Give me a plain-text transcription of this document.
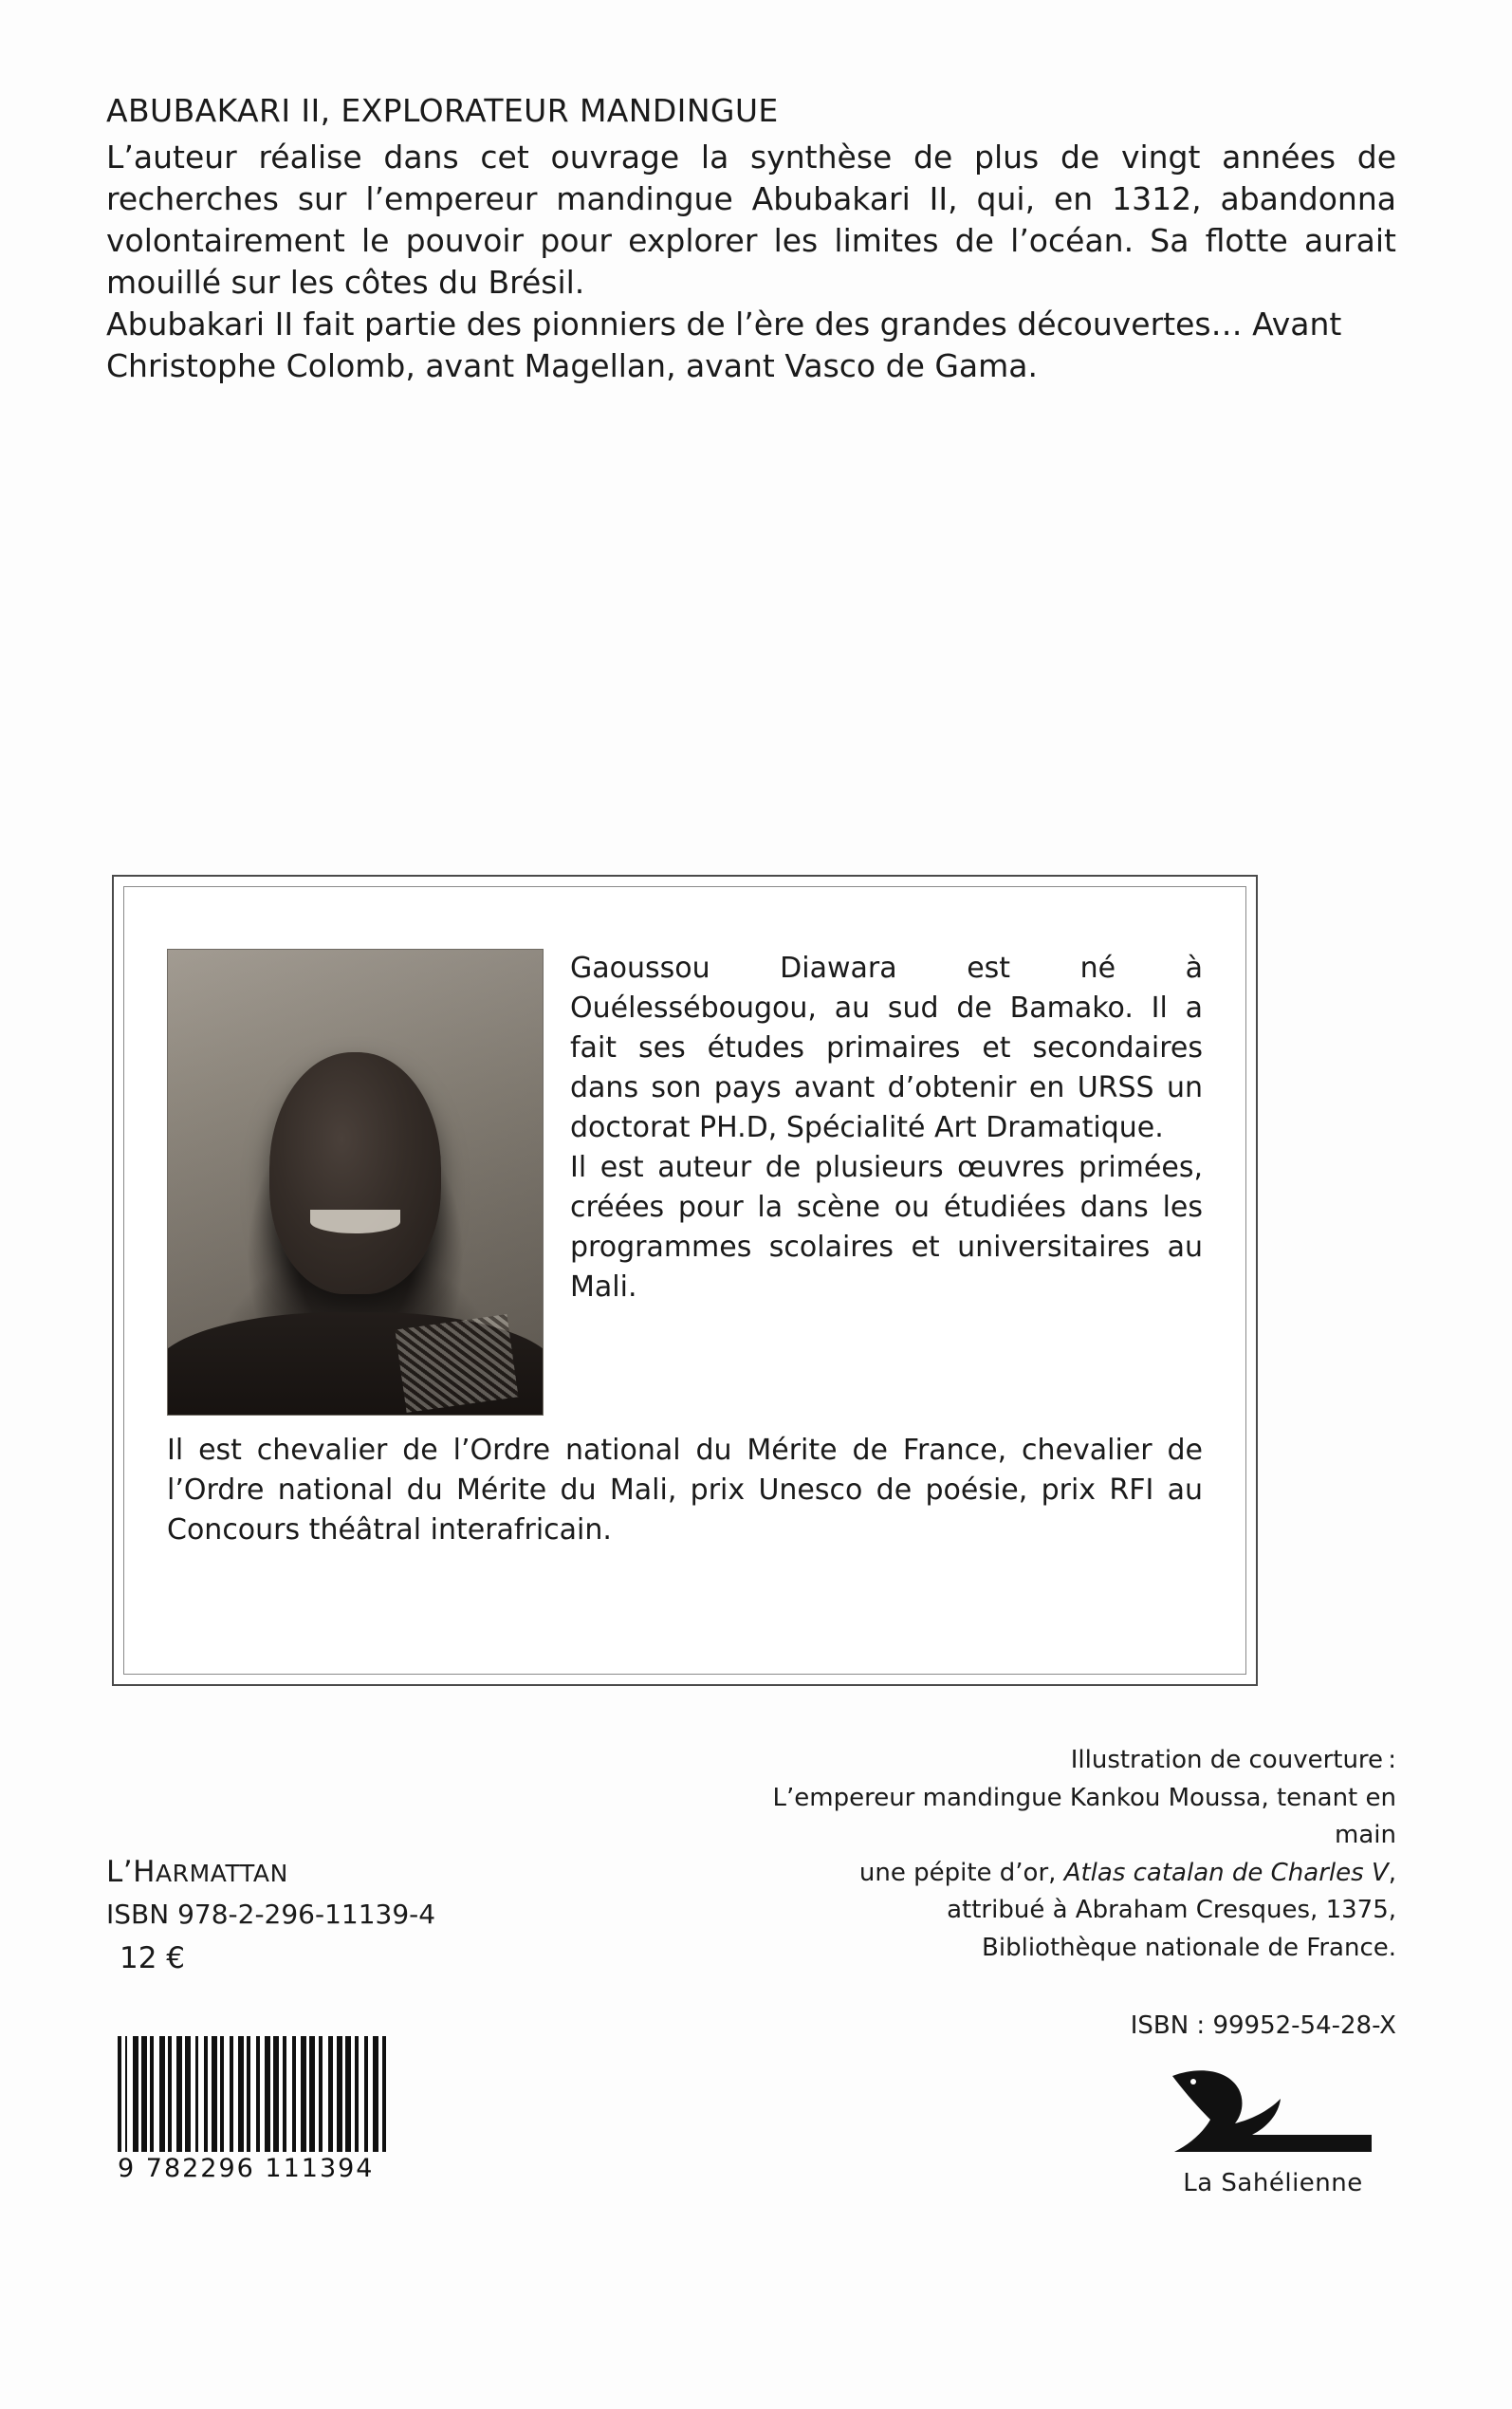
ABUBAKARI II, EXPLORATEUR MANDINGUE

L’auteur réalise dans cet ouvrage la synthèse de plus de vingt années de recherches sur l’empereur mandingue Abubakari II, qui, en 1312, abandonna volontairement le pouvoir pour explorer les limites de l’océan. Sa flotte aurait mouillé sur les côtes du Brésil.

Abubakari II fait partie des pionniers de l’ère des grandes découvertes… Avant Christophe Colomb, avant Magellan, avant Vasco de Gama.

Gaoussou Diawara est né à Ouélessébougou, au sud de Bamako. Il a fait ses études primaires et secondaires dans son pays avant d’obtenir en URSS un doctorat PH.D, Spécialité Art Dramatique.

Il est auteur de plusieurs œuvres primées, créées pour la scène ou étudiées dans les programmes scolaires et universitaires au Mali.

Il est chevalier de l’Ordre national du Mérite de France, chevalier de l’Ordre national du Mérite du Mali, prix Unesco de poésie, prix RFI au Concours théâtral interafricain.

Illustration de couverture :
L’empereur mandingue Kankou Moussa, tenant en main
une pépite d’or, Atlas catalan de Charles V,
attribué à Abraham Cresques, 1375,
Bibliothèque nationale de France.
ISBN : 99952-54-28-X
L’HARMATTAN
ISBN 978-2-296-11139-4
12 €
9 782296 111394	La Sahélienne
